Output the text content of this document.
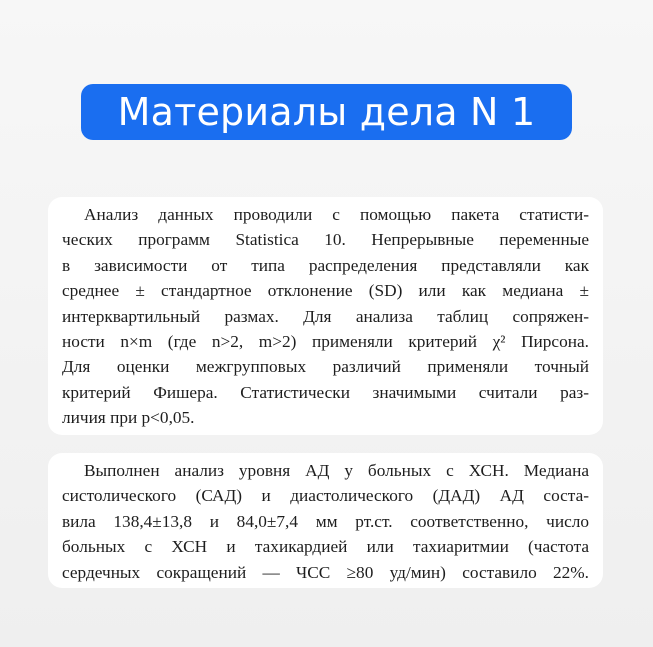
Материалы дела N 1
Анализ данных проводили с помощью пакета статисти-
ческих программ Statistica 10. Непрерывные переменные
в зависимости от типа распределения представляли как
среднее ± стандартное отклонение (SD) или как медиана ±
интерквартильный размах. Для анализа таблиц сопряжен-
ности n×m (где n>2, m>2) применяли критерий χ² Пирсона.
Для оценки межгрупповых различий применяли точный
критерий Фишера. Статистически значимыми считали раз-
личия при p<0,05.
Выполнен анализ уровня АД у больных с ХСН. Медиана
систолического (САД) и диастолического (ДАД) АД соста-
вила 138,4±13,8 и 84,0±7,4 мм рт.ст. соответственно, число
больных с ХСН и тахикардией или тахиаритмии (частота
сердечных сокращений — ЧСС ≥80 уд/мин) составило 22%.
